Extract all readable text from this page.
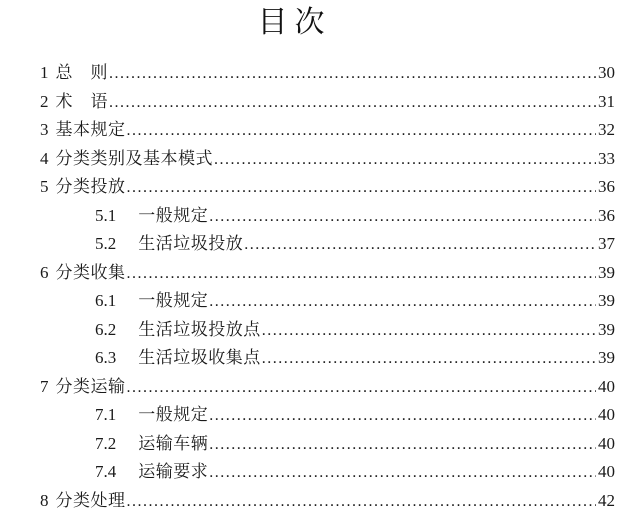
目次
1 总　则 .....	30
2 术　语 .....	31
3 基本规定 .....	32
4 分类类别及基本模式 .....	33
5 分类投放 .....	36
5.1 一般规定 .....	36
5.2 生活垃圾投放 .....	37
6 分类收集 .....	39
6.1 一般规定 .....	39
6.2 生活垃圾投放点 .....	39
6.3 生活垃圾收集点 .....	39
7 分类运输 .....	40
7.1 一般规定 .....	40
7.2 运输车辆 .....	40
7.4 运输要求 .....	40
8 分类处理 .....	42
